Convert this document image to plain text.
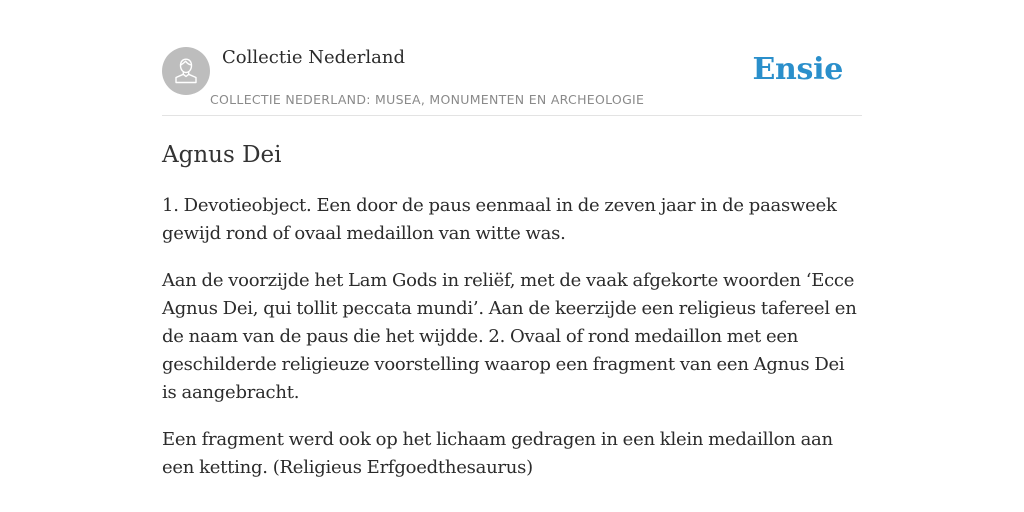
Collectie Nederland
COLLECTIE NEDERLAND: MUSEA, MONUMENTEN EN ARCHEOLOGIE
Ensie
Agnus Dei

1. Devotieobject. Een door de paus eenmaal in de zeven jaar in de paasweek gewijd rond of ovaal medaillon van witte was.

Aan de voorzijde het Lam Gods in reliëf, met de vaak afgekorte woorden ‘Ecce Agnus Dei, qui tollit peccata mundi’. Aan de keerzijde een religieus tafereel en de naam van de paus die het wijdde. 2. Ovaal of rond medaillon met een geschilderde religieuze voorstelling waarop een fragment van een Agnus Dei is aangebracht.

Een fragment werd ook op het lichaam gedragen in een klein medaillon aan een ketting. (Religieus Erfgoedthesaurus)
